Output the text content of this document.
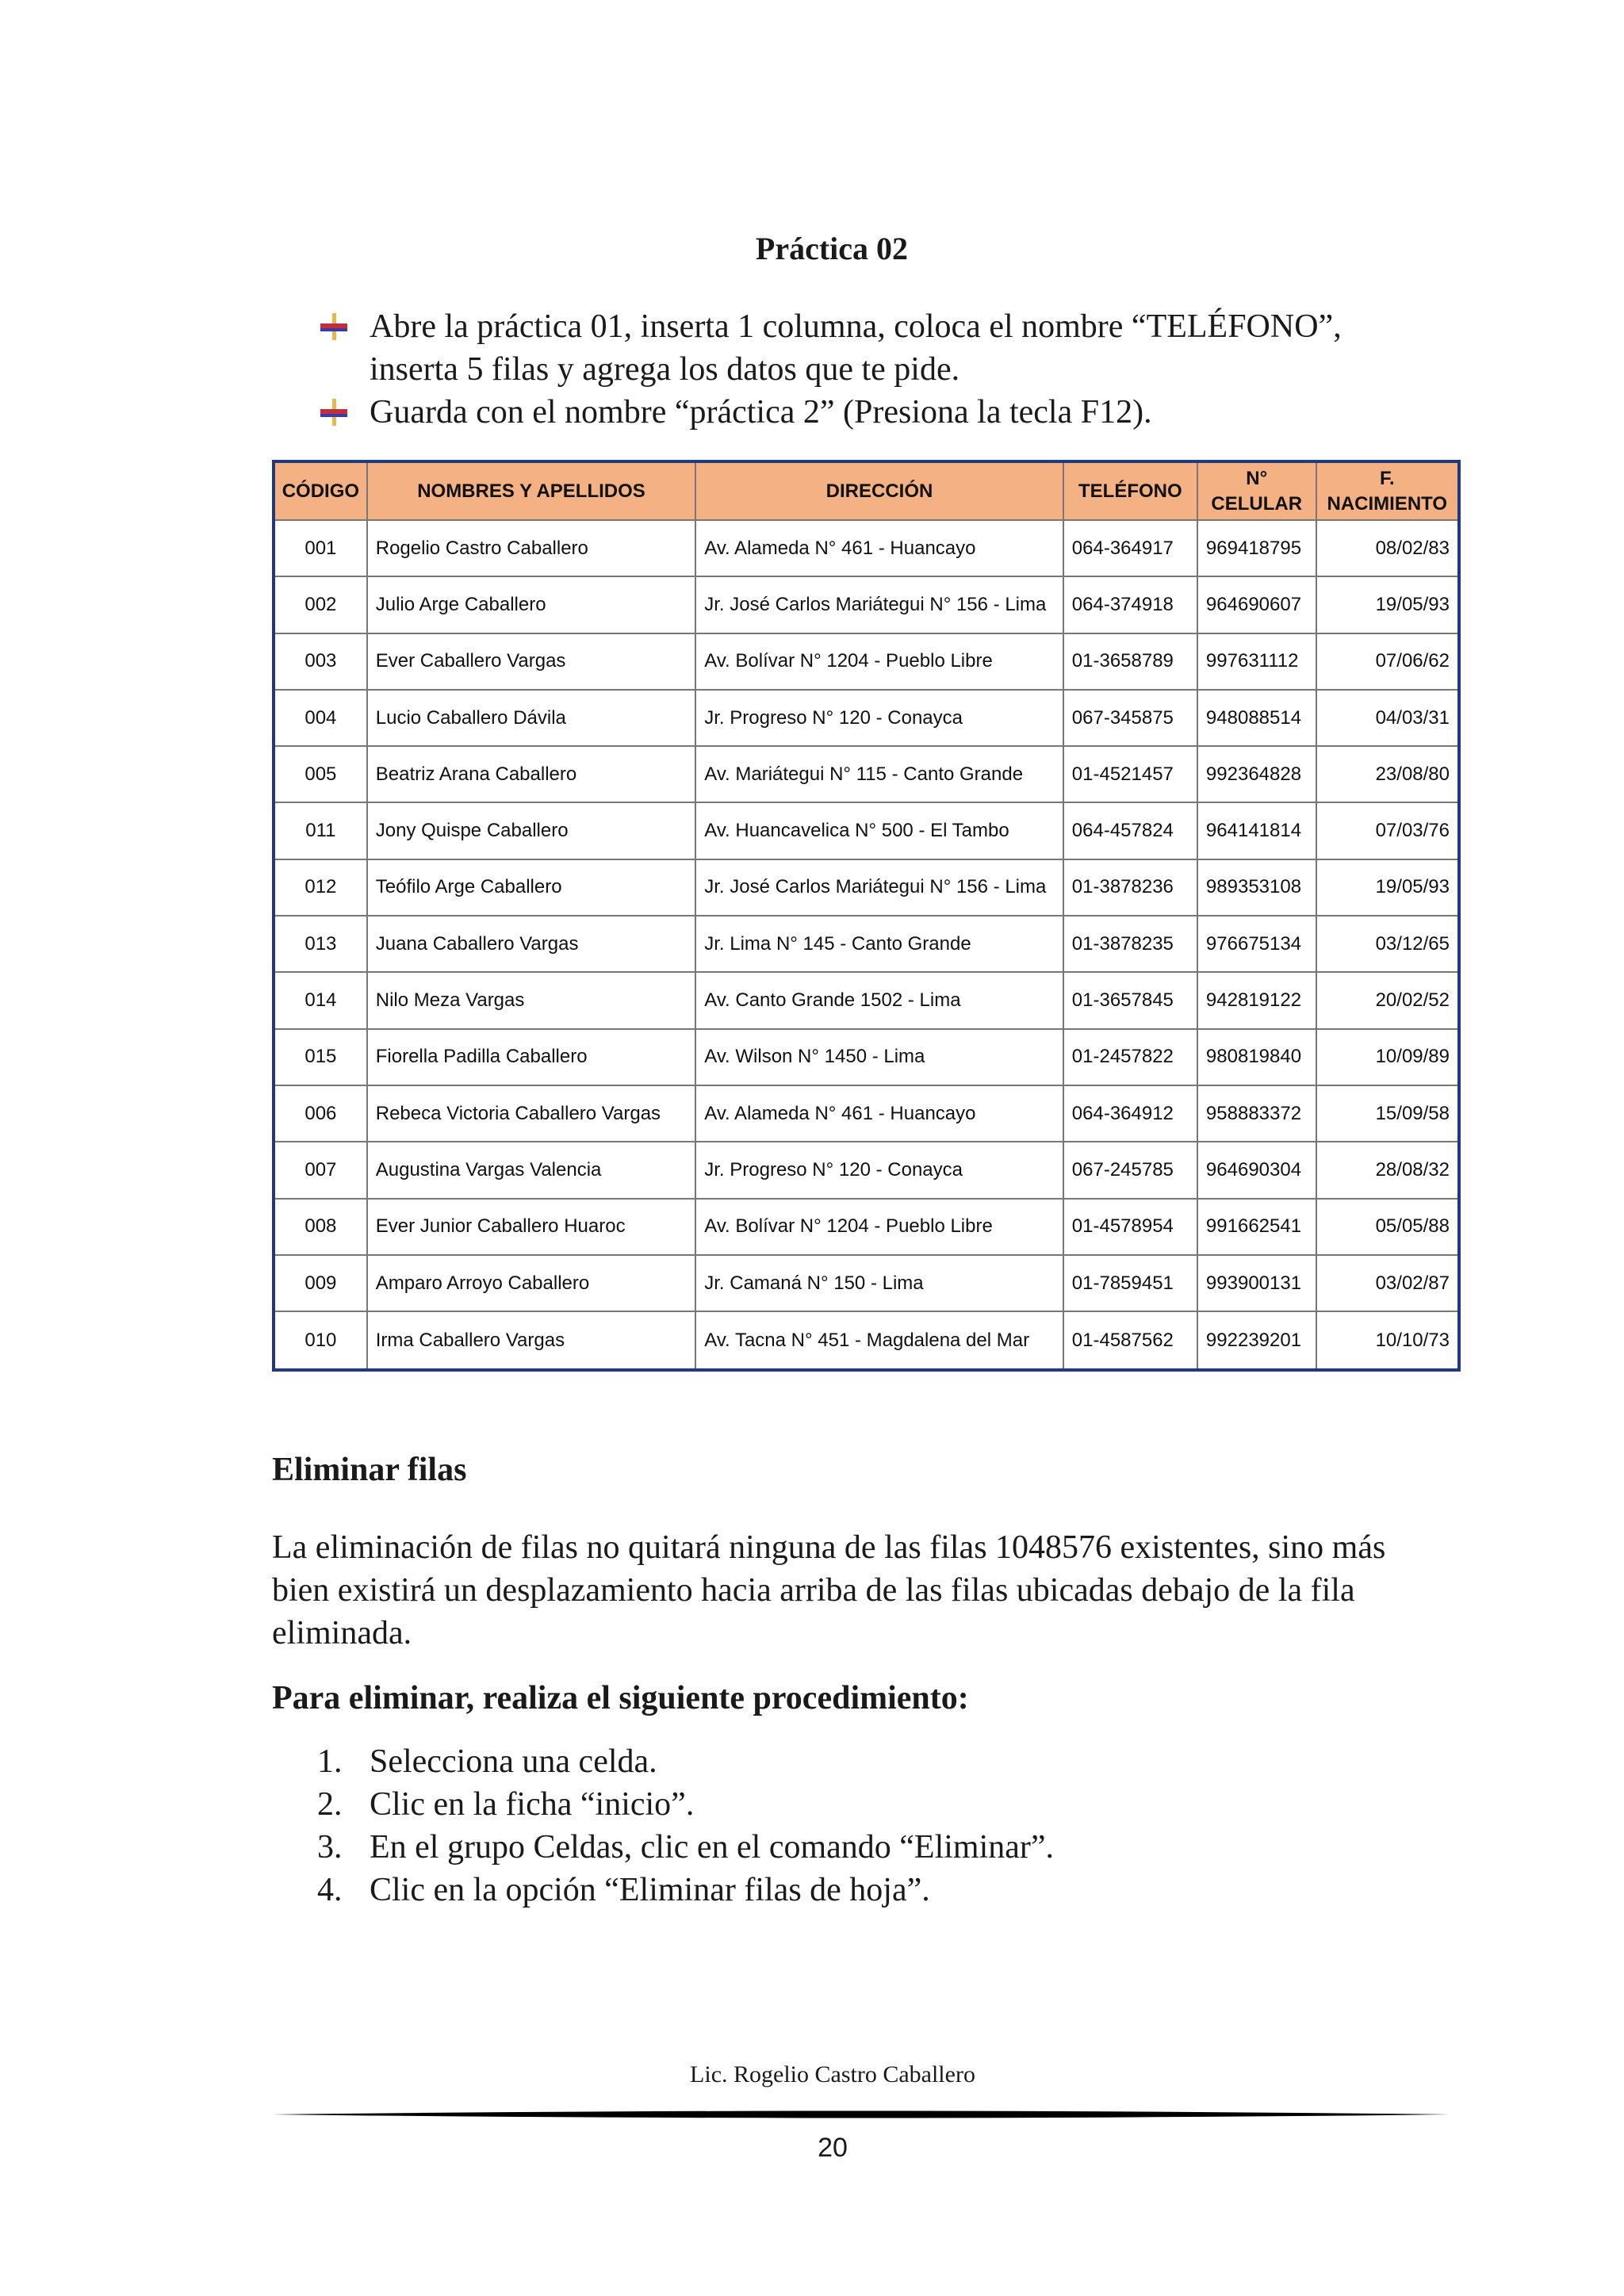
Práctica 02
Abre la práctica 01, inserta 1 columna, coloca el nombre “TELÉFONO”, inserta 5 filas y agrega los datos que te pide.
Guarda con el nombre “práctica 2” (Presiona la tecla F12).
CÓDIGO	NOMBRES Y APELLIDOS	DIRECCIÓN	TELÉFONO	N° CELULAR	F. NACIMIENTO
001	Rogelio Castro Caballero	Av. Alameda N° 461 - Huancayo	064-364917	969418795	08/02/83
002	Julio Arge Caballero	Jr. José Carlos Mariátegui N° 156 - Lima	064-374918	964690607	19/05/93
003	Ever Caballero Vargas	Av. Bolívar N° 1204 - Pueblo Libre	01-3658789	997631112	07/06/62
004	Lucio Caballero Dávila	Jr. Progreso N° 120 - Conayca	067-345875	948088514	04/03/31
005	Beatriz Arana Caballero	Av. Mariátegui N° 115 - Canto Grande	01-4521457	992364828	23/08/80
011	Jony Quispe Caballero	Av. Huancavelica N° 500 - El Tambo	064-457824	964141814	07/03/76
012	Teófilo Arge Caballero	Jr. José Carlos Mariátegui N° 156 - Lima	01-3878236	989353108	19/05/93
013	Juana Caballero Vargas	Jr. Lima N° 145 - Canto Grande	01-3878235	976675134	03/12/65
014	Nilo Meza Vargas	Av. Canto Grande 1502 - Lima	01-3657845	942819122	20/02/52
015	Fiorella Padilla Caballero	Av. Wilson N° 1450 - Lima	01-2457822	980819840	10/09/89
006	Rebeca Victoria Caballero Vargas	Av. Alameda N° 461 - Huancayo	064-364912	958883372	15/09/58
007	Augustina Vargas Valencia	Jr. Progreso N° 120 - Conayca	067-245785	964690304	28/08/32
008	Ever Junior Caballero Huaroc	Av. Bolívar N° 1204 - Pueblo Libre	01-4578954	991662541	05/05/88
009	Amparo Arroyo Caballero	Jr. Camaná N° 150 - Lima	01-7859451	993900131	03/02/87
010	Irma Caballero Vargas	Av. Tacna N° 451 - Magdalena del Mar	01-4587562	992239201	10/10/73
Eliminar filas

La eliminación de filas no quitará ninguna de las filas 1048576 existentes, sino más bien existirá un desplazamiento hacia arriba de las filas ubicadas debajo de la fila eliminada.

Para eliminar, realiza el siguiente procedimiento:
1. Selecciona una celda.
2. Clic en la ficha “inicio”.
3. En el grupo Celdas, clic en el comando “Eliminar”.
4. Clic en la opción “Eliminar filas de hoja”.
Lic. Rogelio Castro Caballero
20
